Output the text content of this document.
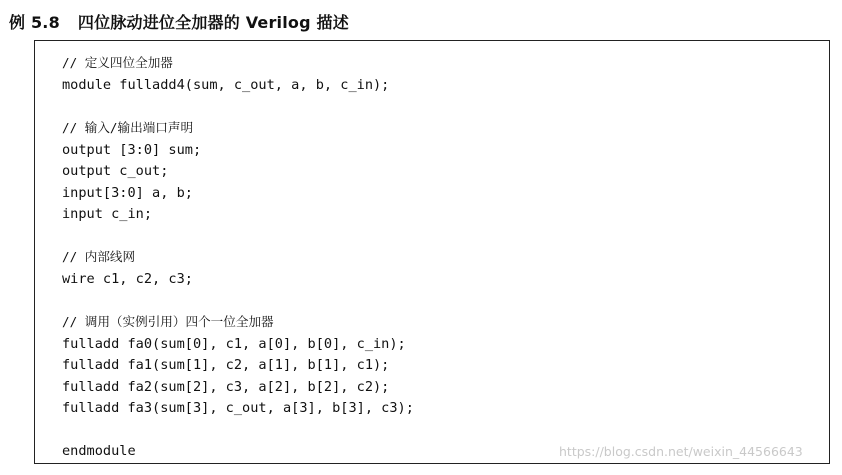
例 5.8 四位脉动进位全加器的 Verilog 描述
// 定义四位全加器
module fulladd4(sum, c_out, a, b, c_in);
// 输入/输出端口声明
output [3:0] sum;
output c_out;
input[3:0] a, b;
input c_in;
// 内部线网
wire c1, c2, c3;
// 调用（实例引用）四个一位全加器
fulladd fa0(sum[0], c1, a[0], b[0], c_in);
fulladd fa1(sum[1], c2, a[1], b[1], c1);
fulladd fa2(sum[2], c3, a[2], b[2], c2);
fulladd fa3(sum[3], c_out, a[3], b[3], c3);
endmodule	https://blog.csdn.net/weixin_44566643
